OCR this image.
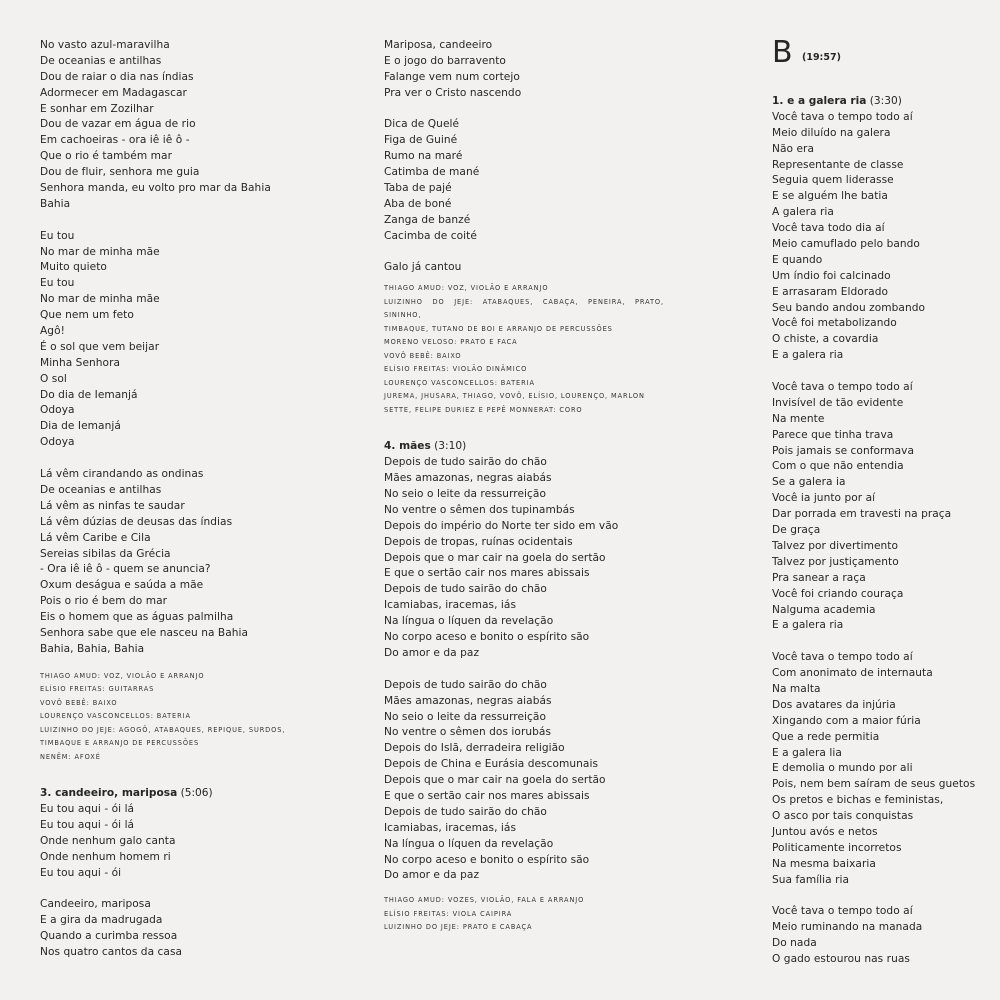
No vasto azul-maravilha
De oceanias e antilhas
Dou de raiar o dia nas índias
Adormecer em Madagascar
E sonhar em Zozilhar
Dou de vazar em água de rio
Em cachoeiras - ora iê iê ô -
Que o rio é também mar
Dou de fluir, senhora me guia
Senhora manda, eu volto pro mar da Bahia
Bahia
Eu tou
No mar de minha mãe
Muito quieto
Eu tou
No mar de minha mãe
Que nem um feto
Agô!
É o sol que vem beijar
Minha Senhora
O sol
Do dia de Iemanjá
Odoya
Dia de Iemanjá
Odoya
Lá vêm cirandando as ondinas
De oceanias e antilhas
Lá vêm as ninfas te saudar
Lá vêm dúzias de deusas das índias
Lá vêm Caribe e Cila
Sereias sibilas da Grécia
- Ora iê iê ô - quem se anuncia?
Oxum deságua e saúda a mãe
Pois o rio é bem do mar
Eis o homem que as águas palmilha
Senhora sabe que ele nasceu na Bahia
Bahia, Bahia, Bahia
THIAGO AMUD: VOZ, VIOLÃO E ARRANJO
ELÍSIO FREITAS: GUITARRAS
VOVÔ BEBÊ: BAIXO
LOURENÇO VASCONCELLOS: BATERIA
LUIZINHO DO JEJE: AGOGÔ, ATABAQUES, REPIQUE, SURDOS,
TIMBAQUE E ARRANJO DE PERCUSSÕES
NENÊM: AFOXÉ
3. candeeiro, mariposa (5:06)
Eu tou aqui - ói lá
Eu tou aqui - ói lá
Onde nenhum galo canta
Onde nenhum homem ri
Eu tou aqui - ói
Candeeiro, mariposa
E a gira da madrugada
Quando a curimba ressoa
Nos quatro cantos da casa
Mariposa, candeeiro
E o jogo do barravento
Falange vem num cortejo
Pra ver o Cristo nascendo
Dica de Quelé
Figa de Guiné
Rumo na maré
Catimba de mané
Taba de pajé
Aba de boné
Zanga de banzé
Cacimba de coité
Galo já cantou
THIAGO AMUD: VOZ, VIOLÃO E ARRANJO
LUIZINHO DO JEJE: ATABAQUES, CABAÇA, PENEIRA, PRATO, SININHO,
TIMBAQUE, TUTANO DE BOI E ARRANJO DE PERCUSSÕES
MORENO VELOSO: PRATO E FACA
VOVÔ BEBÊ: BAIXO
ELÍSIO FREITAS: VIOLÃO DINÂMICO
LOURENÇO VASCONCELLOS: BATERIA
JUREMA, JHUSARA, THIAGO, VOVÔ, ELÍSIO, LOURENÇO, MARLON
SETTE, FELIPE DURIEZ E PEPÊ MONNERAT: CORO
4. mães (3:10)
Depois de tudo sairão do chão
Mães amazonas, negras aiabás
No seio o leite da ressurreição
No ventre o sêmen dos tupinambás
Depois do império do Norte ter sido em vão
Depois de tropas, ruínas ocidentais
Depois que o mar cair na goela do sertão
E que o sertão cair nos mares abissais
Depois de tudo sairão do chão
Icamiabas, iracemas, iás
Na língua o líquen da revelação
No corpo aceso e bonito o espírito são
Do amor e da paz
Depois de tudo sairão do chão
Mães amazonas, negras aiabás
No seio o leite da ressurreição
No ventre o sêmen dos iorubás
Depois do Islã, derradeira religião
Depois de China e Eurásia descomunais
Depois que o mar cair na goela do sertão
E que o sertão cair nos mares abissais
Depois de tudo sairão do chão
Icamiabas, iracemas, iás
Na língua o líquen da revelação
No corpo aceso e bonito o espírito são
Do amor e da paz
THIAGO AMUD: VOZES, VIOLÃO, FALA E ARRANJO
ELÍSIO FREITAS: VIOLA CAIPIRA
LUIZINHO DO JEJE: PRATO E CABAÇA
B (19:57)
1. e a galera ria (3:30)
Você tava o tempo todo aí
Meio diluído na galera
Não era
Representante de classe
Seguia quem liderasse
E se alguém lhe batia
A galera ria
Você tava todo dia aí
Meio camuflado pelo bando
E quando
Um índio foi calcinado
E arrasaram Eldorado
Seu bando andou zombando
Você foi metabolizando
O chiste, a covardia
E a galera ria
Você tava o tempo todo aí
Invisível de tão evidente
Na mente
Parece que tinha trava
Pois jamais se conformava
Com o que não entendia
Se a galera ia
Você ia junto por aí
Dar porrada em travesti na praça
De graça
Talvez por divertimento
Talvez por justiçamento
Pra sanear a raça
Você foi criando couraça
Nalguma academia
E a galera ria
Você tava o tempo todo aí
Com anonimato de internauta
Na malta
Dos avatares da injúria
Xingando com a maior fúria
Que a rede permitia
E a galera lia
E demolia o mundo por ali
Pois, nem bem saíram de seus guetos
Os pretos e bichas e feministas,
O asco por tais conquistas
Juntou avós e netos
Politicamente incorretos
Na mesma baixaria
Sua família ria
Você tava o tempo todo aí
Meio ruminando na manada
Do nada
O gado estourou nas ruas
